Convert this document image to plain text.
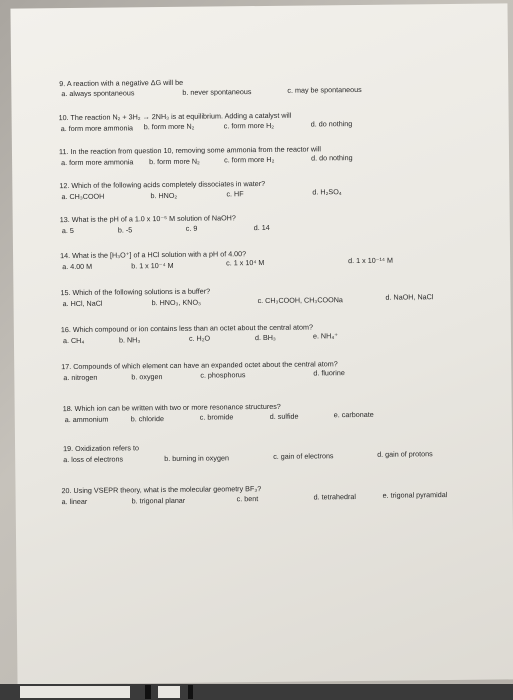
9. A reaction with a negative ΔG will be
a. always spontaneous	b. never spontaneous	c. may be spontaneous
10. The reaction N₂ + 3H₂ → 2NH₃ is at equilibrium. Adding a catalyst will
a. form more ammonia b. form more N₂	c. form more H₂	d. do nothing
11. In the reaction from question 10, removing some ammonia from the reactor will
a. form more ammonia b. form more N₂	c. form more H₂	d. do nothing
12. Which of the following acids completely dissociates in water?
a. CH₃COOH	b. HNO₂	c. HF	d. H₂SO₄
13. What is the pH of a 1.0 x 10⁻⁵ M solution of NaOH?
a. 5	b. -5	c. 9	d. 14
14. What is the [H₃O⁺] of a HCl solution with a pH of 4.00?
a. 4.00 M	b. 1 x 10⁻⁴ M	c. 1 x 10⁴ M	d. 1 x 10⁻¹⁴ M
15. Which of the following solutions is a buffer?
a. HCl, NaCl	b. HNO₃, KNO₃	c. CH₃COOH, CH₃COONa	d. NaOH, NaCl
16. Which compound or ion contains less than an octet about the central atom?
a. CH₄	b. NH₃	c. H₂O	d. BH₃	e. NH₄⁺
17. Compounds of which element can have an expanded octet about the central atom?
a. nitrogen	b. oxygen	c. phosphorus	d. fluorine
18. Which ion can be written with two or more resonance structures?
a. ammonium	b. chloride	c. bromide	d. sulfide	e. carbonate
19. Oxidization refers to
a. loss of electrons	b. burning in oxygen	c. gain of electrons	d. gain of protons
20. Using VSEPR theory, what is the molecular geometry BF₃?
a. linear	b. trigonal planar	c. bent	d. tetrahedral	e. trigonal pyramidal
